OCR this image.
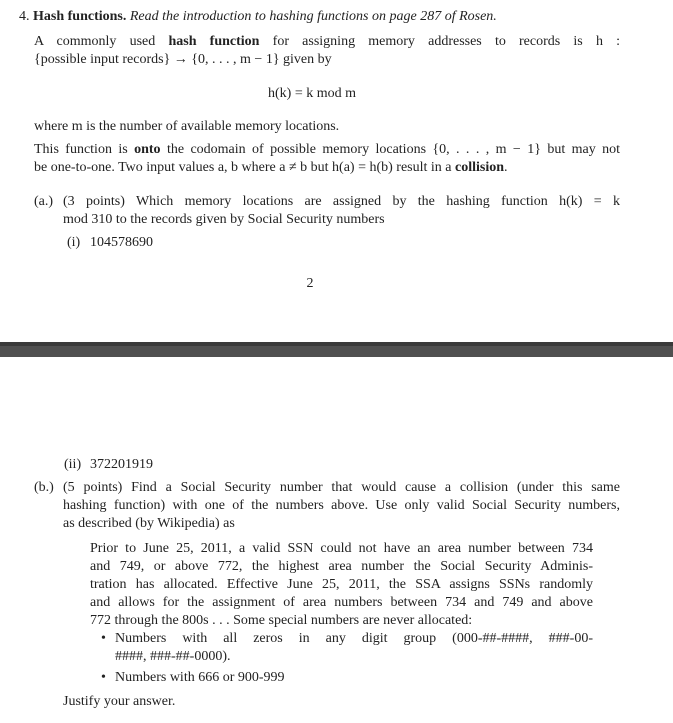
4. Hash functions. Read the introduction to hashing functions on page 287 of Rosen.
A commonly used hash function for assigning memory addresses to records is h :
{possible input records} → {0, . . . , m − 1} given by
h(k) = k mod m
where m is the number of available memory locations.
This function is onto the codomain of possible memory locations {0, . . . , m − 1} but may not
be one-to-one. Two input values a, b where a ≠ b but h(a) = h(b) result in a collision.
(a.) (3 points) Which memory locations are assigned by the hashing function h(k) = k
mod 310 to the records given by Social Security numbers
(i) 104578690
2
(ii) 372201919
(b.) (5 points) Find a Social Security number that would cause a collision (under this same
hashing function) with one of the numbers above. Use only valid Social Security numbers,
as described (by Wikipedia) as
Prior to June 25, 2011, a valid SSN could not have an area number between 734
and 749, or above 772, the highest area number the Social Security Adminis-
tration has allocated. Effective June 25, 2011, the SSA assigns SSNs randomly
and allows for the assignment of area numbers between 734 and 749 and above
772 through the 800s . . . Some special numbers are never allocated:
• Numbers with all zeros in any digit group (000-##-####, ###-00-
####, ###-##-0000).
• Numbers with 666 or 900-999
Justify your answer.
